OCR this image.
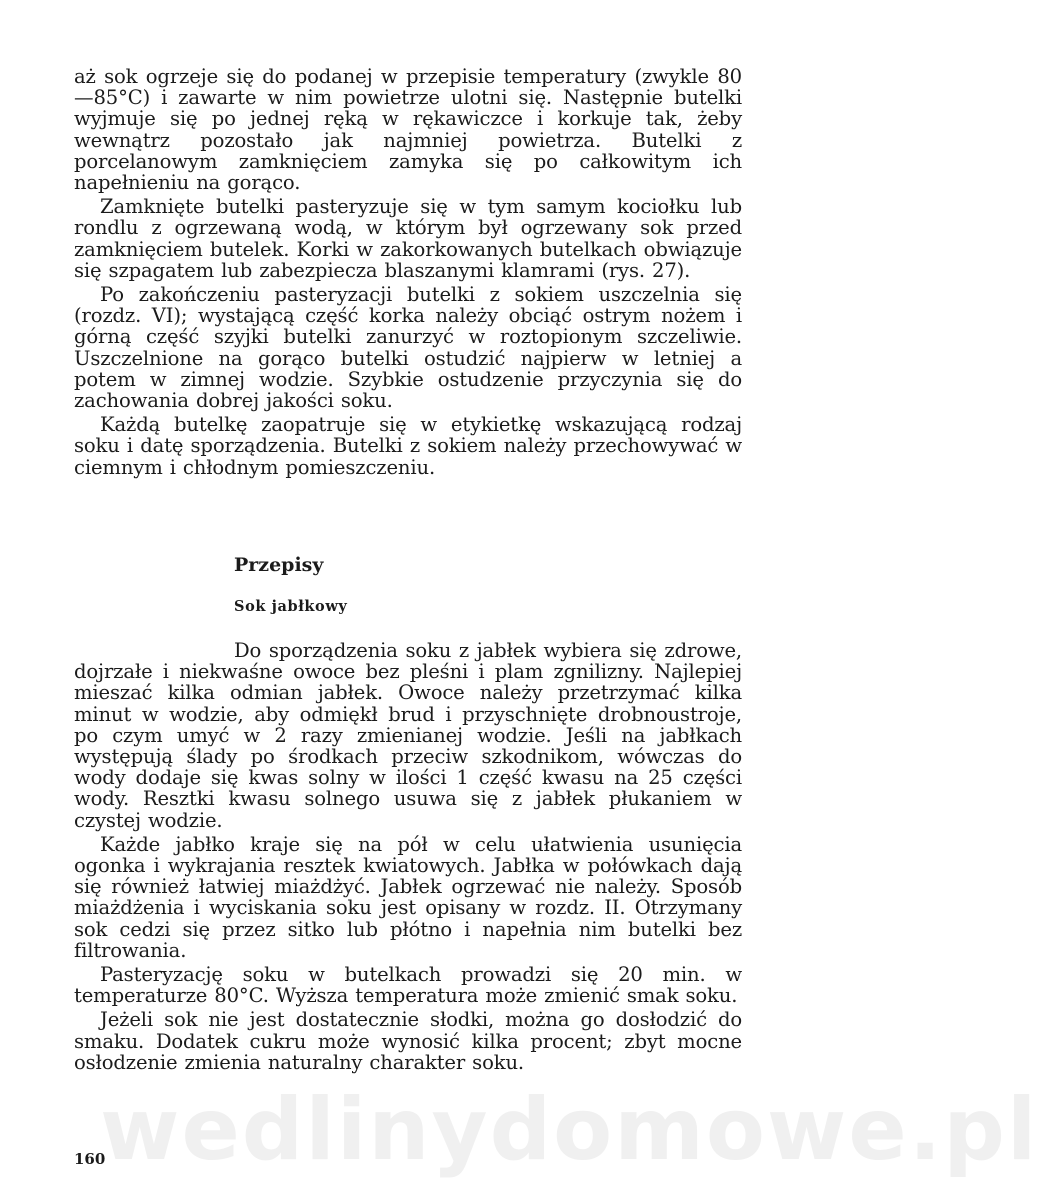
wedlinydomowe.pl

aż sok ogrzeje się do podanej w przepisie temperatury (zwykle 80—85°C) i zawarte w nim powietrze ulotni się. Następnie butelki wyjmuje się po jednej ręką w rękawiczce i korkuje tak, żeby wewnątrz pozostało jak najmniej powietrza. Butelki z porcelanowym zamknięciem zamyka się po całkowitym ich napełnieniu na gorąco.

Zamknięte butelki pasteryzuje się w tym samym kociołku lub rondlu z ogrzewaną wodą, w którym był ogrzewany sok przed zamknięciem butelek. Korki w zakorkowanych butelkach obwiązuje się szpagatem lub zabezpiecza blaszanymi klamrami (rys. 27).

Po zakończeniu pasteryzacji butelki z sokiem uszczelnia się (rozdz. VI); wystającą część korka należy obciąć ostrym nożem i górną część szyjki butelki zanurzyć w roztopionym szczeliwie. Uszczelnione na gorąco butelki ostudzić najpierw w letniej a potem w zimnej wodzie. Szybkie ostudzenie przyczynia się do zachowania dobrej jakości soku.

Każdą butelkę zaopatruje się w etykietkę wskazującą rodzaj soku i datę sporządzenia. Butelki z sokiem należy przechowywać w ciemnym i chłodnym pomieszczeniu.

Przepisy
Sok jabłkowy

Do sporządzenia soku z jabłek wybiera się zdrowe, dojrzałe i niekwaśne owoce bez pleśni i plam zgnilizny. Najlepiej mieszać kilka odmian jabłek. Owoce należy przetrzymać kilka minut w wodzie, aby odmiękł brud i przyschnięte drobnoustroje, po czym umyć w 2 razy zmienianej wodzie. Jeśli na jabłkach występują ślady po środkach przeciw szkodnikom, wówczas do wody dodaje się kwas solny w ilości 1 część kwasu na 25 części wody. Resztki kwasu solnego usuwa się z jabłek płukaniem w czystej wodzie.

Każde jabłko kraje się na pół w celu ułatwienia usunięcia ogonka i wykrajania resztek kwiatowych. Jabłka w połówkach dają się również łatwiej miażdżyć. Jabłek ogrzewać nie należy. Sposób miażdżenia i wyciskania soku jest opisany w rozdz. II. Otrzymany sok cedzi się przez sitko lub płótno i napełnia nim butelki bez filtrowania.

Pasteryzację soku w butelkach prowadzi się 20 min. w temperaturze 80°C. Wyższa temperatura może zmienić smak soku.

Jeżeli sok nie jest dostatecznie słodki, można go dosłodzić do smaku. Dodatek cukru może wynosić kilka procent; zbyt mocne osłodzenie zmienia naturalny charakter soku.

160
